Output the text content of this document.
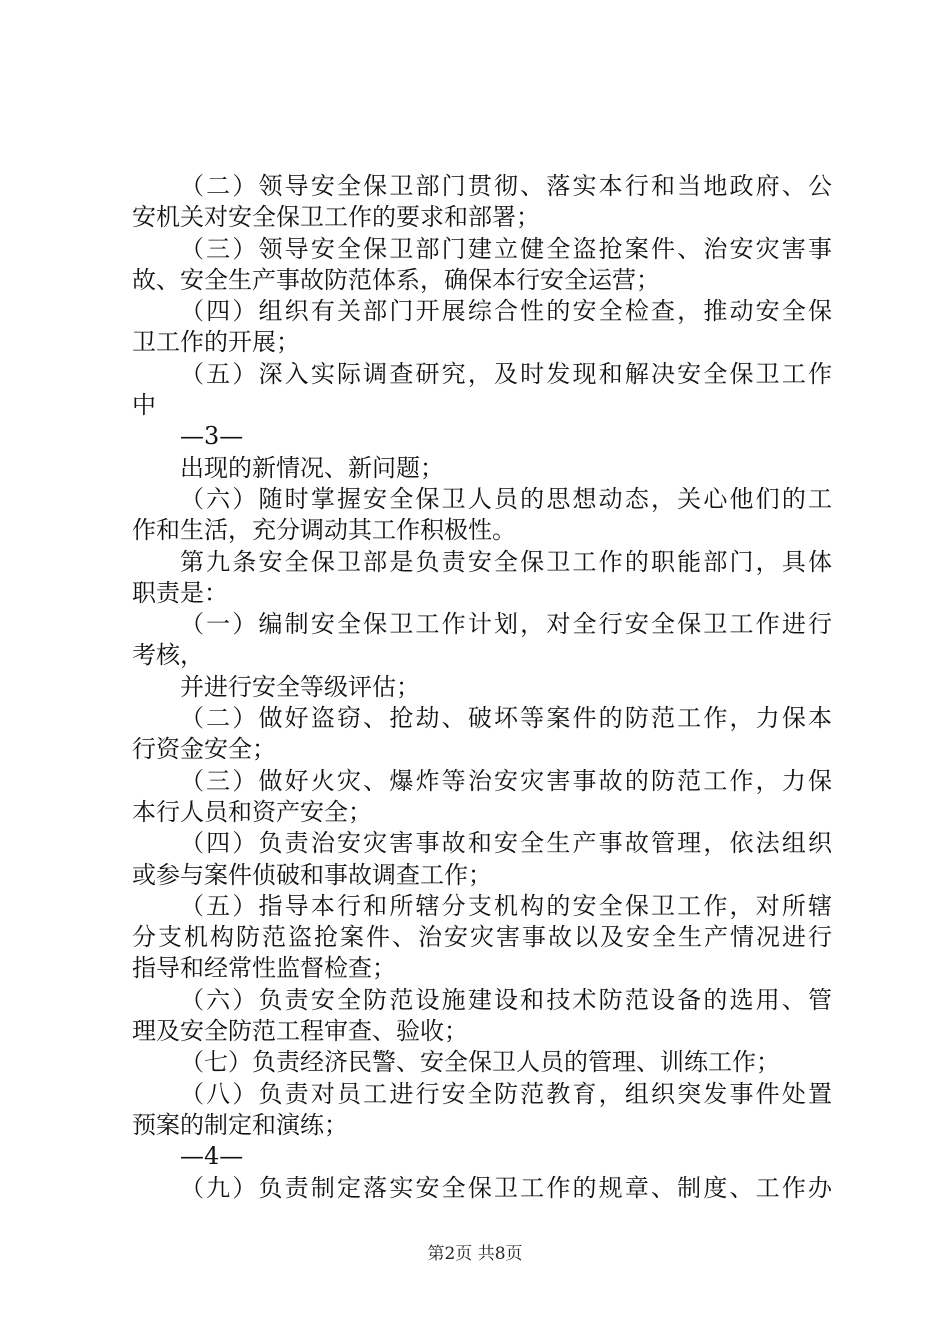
（二）领导安全保卫部门贯彻、落实本行和当地政府、公
安机关对安全保卫工作的要求和部署；
（三）领导安全保卫部门建立健全盗抢案件、治安灾害事
故、安全生产事故防范体系，确保本行安全运营；
（四）组织有关部门开展综合性的安全检查，推动安全保
卫工作的开展；
（五）深入实际调查研究，及时发现和解决安全保卫工作
中
—3—
出现的新情况、新问题；
（六）随时掌握安全保卫人员的思想动态，关心他们的工
作和生活，充分调动其工作积极性。
第九条安全保卫部是负责安全保卫工作的职能部门，具体
职责是：
（一）编制安全保卫工作计划，对全行安全保卫工作进行
考核，
并进行安全等级评估；
（二）做好盗窃、抢劫、破坏等案件的防范工作，力保本
行资金安全；
（三）做好火灾、爆炸等治安灾害事故的防范工作，力保
本行人员和资产安全；
（四）负责治安灾害事故和安全生产事故管理，依法组织
或参与案件侦破和事故调查工作；
（五）指导本行和所辖分支机构的安全保卫工作，对所辖
分支机构防范盗抢案件、治安灾害事故以及安全生产情况进行
指导和经常性监督检查；
（六）负责安全防范设施建设和技术防范设备的选用、管
理及安全防范工程审查、验收；
（七）负责经济民警、安全保卫人员的管理、训练工作；
（八）负责对员工进行安全防范教育，组织突发事件处置
预案的制定和演练；
—4—
（九）负责制定落实安全保卫工作的规章、制度、工作办
第2页 共8页
